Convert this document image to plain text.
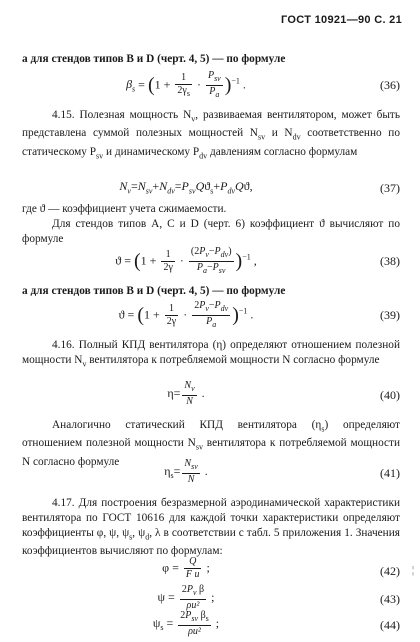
ГОСТ 10921—90 С. 21
а для стендов типов В и D (черт. 4, 5) — по формуле
$\beta_s = (1 + \frac{1}{2\gamma_s} \cdot \frac{P_{sv}}{P_a} )^{-1}$ .	(36)
4.15. Полезная мощность $N_v$, развиваемая вентилятором, может быть представлена суммой полезных мощностей $N_{sv}$ и $N_{dv}$ соответственно по статическому $P_{sv}$ и динамическому $P_{dv}$ давлениям согласно формулам
$N_v=N_{sv}+N_{dv}=P_{sv}Qϑ_s+P_{dv}Qϑ$,	(37)
где ϑ — коэффициент учета сжимаемости.
Для стендов типов А, С и D (черт. 6) коэффициент ϑ вычисляют по формуле
$ϑ = (1 + \frac{1}{2\gamma} \cdot \frac{(2P_v-P_{dv})}{P_a-P_{sv}} )^{-1}$ ,	(38)
а для стендов типов В и D (черт. 4, 5) — по формуле
$ϑ = (1 + \frac{1}{2\gamma} \cdot \frac{2P_v-P_{dv}}{P_a} )^{-1}$ .	(39)
4.16. Полный КПД вентилятора (η) определяют отношением полезной мощности $N_v$ вентилятора к потребляемой мощности N согласно формуле
$\eta= \frac{N_v}{N}$ .	(40)
Аналогично статический КПД вентилятора $(\eta_s)$ определяют отношением полезной мощности $N_{sv}$ вентилятора к потребляемой мощности N согласно формуле
$\eta_s= \frac{N_{sv}}{N}$ .	(41)
4.17. Для построения безразмерной аэродинамической характеристики вентилятора по ГОСТ 10616 для каждой точки характеристики определяют коэффициенты φ, ψ, $\psi_s$, $\psi_d$, λ в соответствии с табл. 5 приложения 1. Значения коэффициентов вычисляют по формулам:
$\varphi = \frac{Q}{\text{F u}}$ ;	(42)
$\psi = \frac{2P_v \beta}{\text{ρu²}}$ ;	(43)
$\psi_s = \frac{2P_{sv} \beta_s}{\text{ρu²}}$ ;	(44)
¦
